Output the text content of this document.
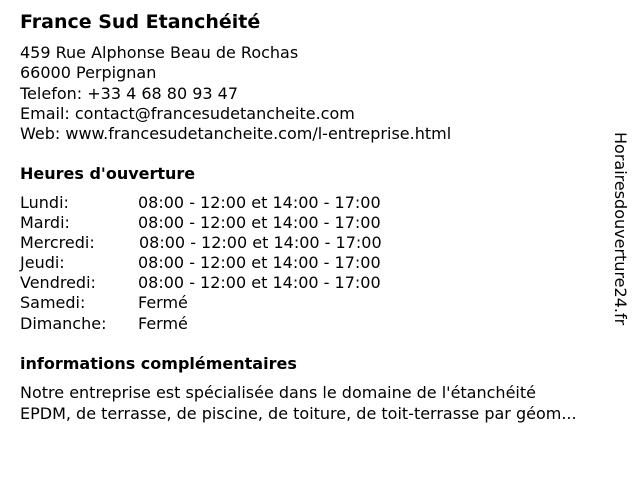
France Sud Etanchéité
459 Rue Alphonse Beau de Rochas
66000 Perpignan
Telefon: +33 4 68 80 93 47
Email: contact@francesudetancheite.com
Web: www.francesudetancheite.com/l-entreprise.html
Heures d'ouverture
Lundi:	08:00 - 12:00 et 14:00 - 17:00
Mardi:	08:00 - 12:00 et 14:00 - 17:00
Mercredi:	08:00 - 12:00 et 14:00 - 17:00
Jeudi:	08:00 - 12:00 et 14:00 - 17:00
Vendredi:	08:00 - 12:00 et 14:00 - 17:00
Samedi:	Fermé
Dimanche: Fermé
informations complémentaires
Notre entreprise est spécialisée dans le domaine de l'étanchéité
EPDM, de terrasse, de piscine, de toiture, de toit-terrasse par géom...
Horairesdouverture24.fr
